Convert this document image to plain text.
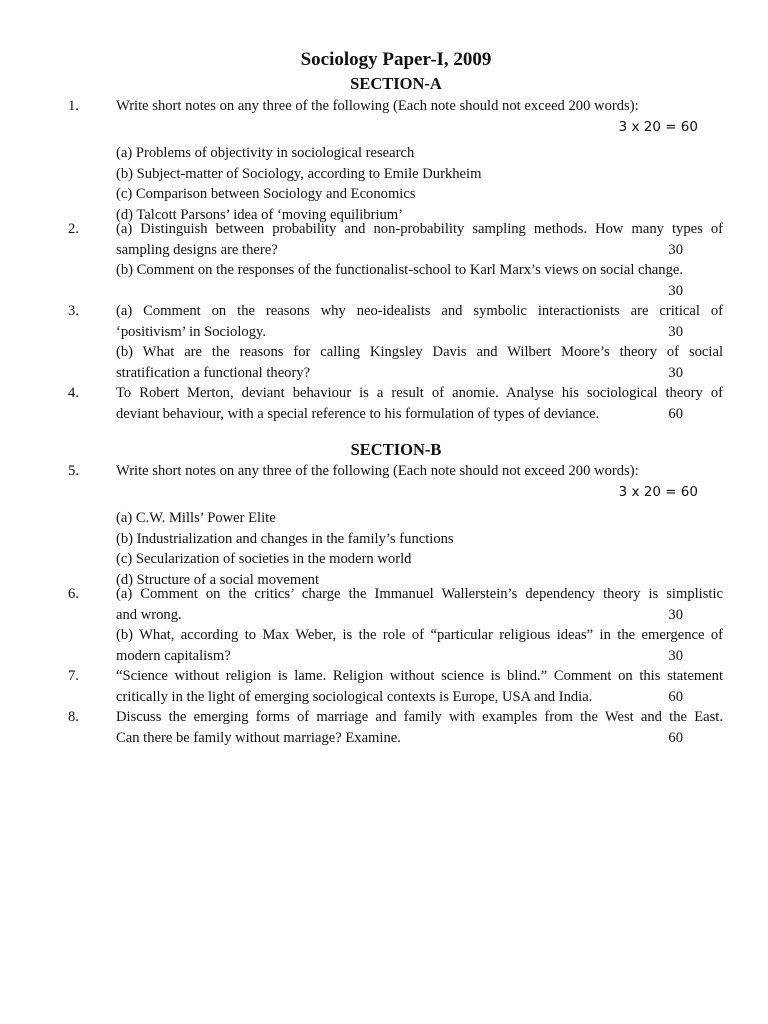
Sociology Paper-I, 2009
SECTION-A
1.	Write short notes on any three of the following (Each note should not exceed 200 words):
3 x 20 = 60
(a) Problems of objectivity in sociological research
(b) Subject-matter of Sociology, according to Emile Durkheim
(c) Comparison between Sociology and Economics
(d) Talcott Parsons’ idea of ‘moving equilibrium’
2.	(a) Distinguish between probability and non-probability sampling methods. How many types of
sampling designs are there?	30
(b) Comment on the responses of the functionalist-school to Karl Marx’s views on social change.
30
3.	(a) Comment on the reasons why neo-idealists and symbolic interactionists are critical of
‘positivism’ in Sociology.	30
(b) What are the reasons for calling Kingsley Davis and Wilbert Moore’s theory of social
stratification a functional theory?	30
4.	To Robert Merton, deviant behaviour is a result of anomie. Analyse his sociological theory of
deviant behaviour, with a special reference to his formulation of types of deviance.	60
SECTION-B
5.	Write short notes on any three of the following (Each note should not exceed 200 words):
3 x 20 = 60
(a) C.W. Mills’ Power Elite
(b) Industrialization and changes in the family’s functions
(c) Secularization of societies in the modern world
(d) Structure of a social movement
6.	(a) Comment on the critics’ charge the Immanuel Wallerstein’s dependency theory is simplistic
and wrong.	30
(b) What, according to Max Weber, is the role of “particular religious ideas” in the emergence of
modern capitalism?	30
7.	“Science without religion is lame. Religion without science is blind.” Comment on this statement
critically in the light of emerging sociological contexts is Europe, USA and India.	60
8.	Discuss the emerging forms of marriage and family with examples from the West and the East.
Can there be family without marriage? Examine.	60
